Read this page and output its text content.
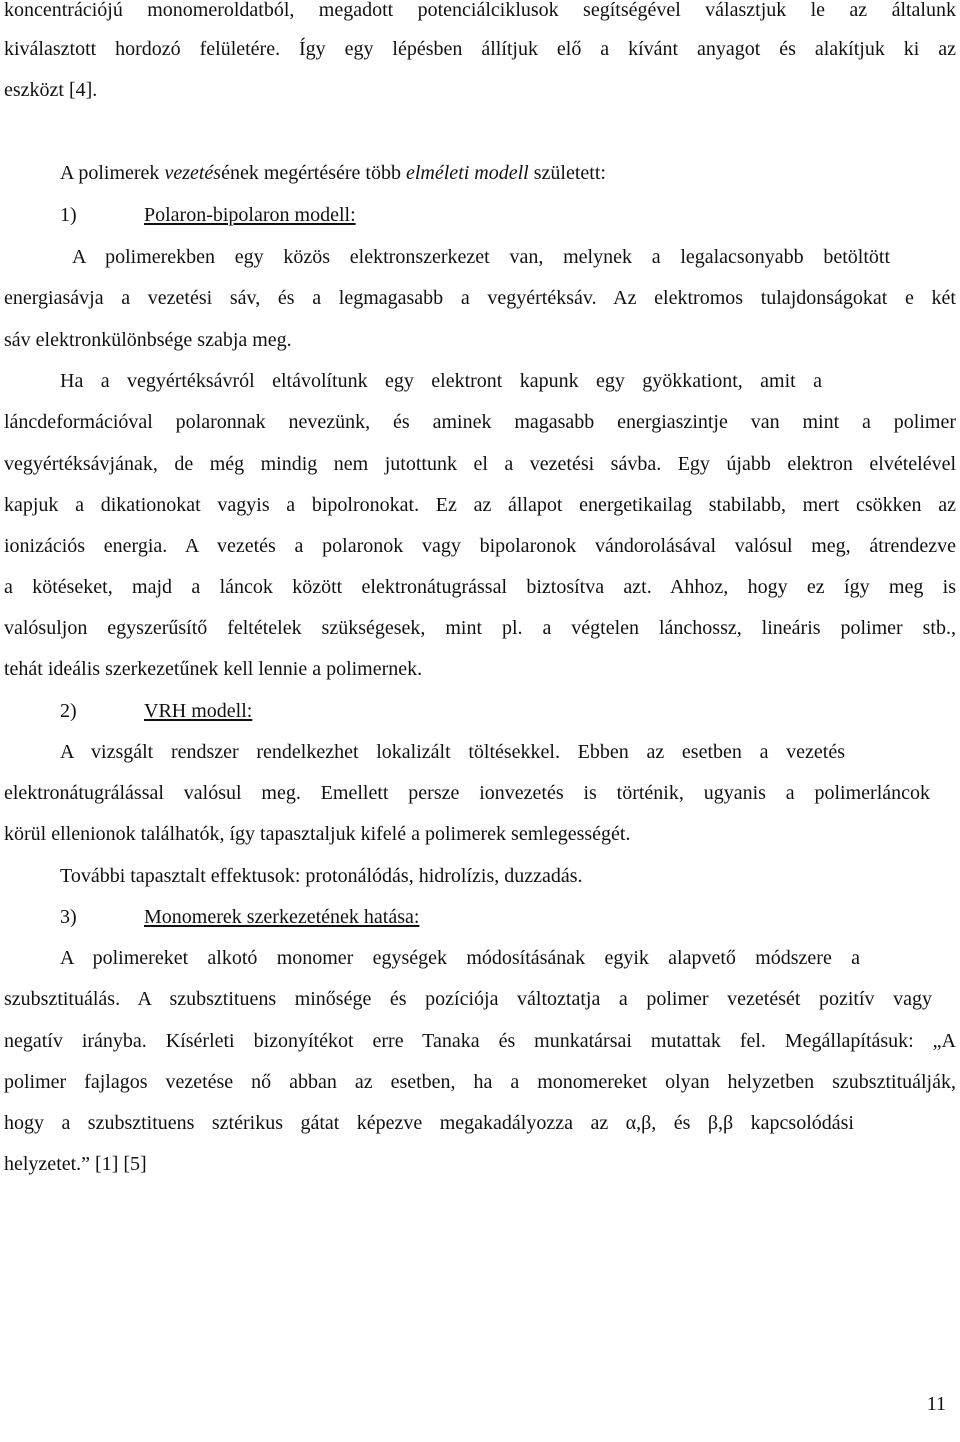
koncentrációjú monomeroldatból, megadott potenciálciklusok segítségével választjuk le az általunk
kiválasztott hordozó felületére. Így egy lépésben állítjuk elő a kívánt anyagot és alakítjuk ki az
eszközt [4].
A polimerek vezetésének megértésére több elméleti modell született:
1)	Polaron-bipolaron modell:
A polimerekben egy közös elektronszerkezet van, melynek a legalacsonyabb betöltött
energiasávja a vezetési sáv, és a legmagasabb a vegyértéksáv. Az elektromos tulajdonságokat e két
sáv elektronkülönbsége szabja meg.
Ha a vegyértéksávról eltávolítunk egy elektront kapunk egy gyökkationt, amit a
láncdeformációval polaronnak nevezünk, és aminek magasabb energiaszintje van mint a polimer
vegyértéksávjának, de még mindig nem jutottunk el a vezetési sávba. Egy újabb elektron elvételével
kapjuk a dikationokat vagyis a bipolronokat. Ez az állapot energetikailag stabilabb, mert csökken az
ionizációs energia. A vezetés a polaronok vagy bipolaronok vándorolásával valósul meg, átrendezve
a kötéseket, majd a láncok között elektronátugrással biztosítva azt. Ahhoz, hogy ez így meg is
valósuljon egyszerűsítő feltételek szükségesek, mint pl. a végtelen lánchossz, lineáris polimer stb.,
tehát ideális szerkezetűnek kell lennie a polimernek.
2)	VRH modell:
A vizsgált rendszer rendelkezhet lokalizált töltésekkel. Ebben az esetben a vezetés
elektronátugrálással valósul meg. Emellett persze ionvezetés is történik, ugyanis a polimerláncok
körül ellenionok találhatók, így tapasztaljuk kifelé a polimerek semlegességét.
További tapasztalt effektusok: protonálódás, hidrolízis, duzzadás.
3)	Monomerek szerkezetének hatása:
A polimereket alkotó monomer egységek módosításának egyik alapvető módszere a
szubsztituálás. A szubsztituens minősége és pozíciója változtatja a polimer vezetését pozitív vagy
negatív irányba. Kísérleti bizonyítékot erre Tanaka és munkatársai mutattak fel. Megállapításuk: „A
polimer fajlagos vezetése nő abban az esetben, ha a monomereket olyan helyzetben szubsztituálják,
hogy a szubsztituens sztérikus gátat képezve megakadályozza az α,β, és β,β kapcsolódási
helyzetet.” [1] [5]
11
